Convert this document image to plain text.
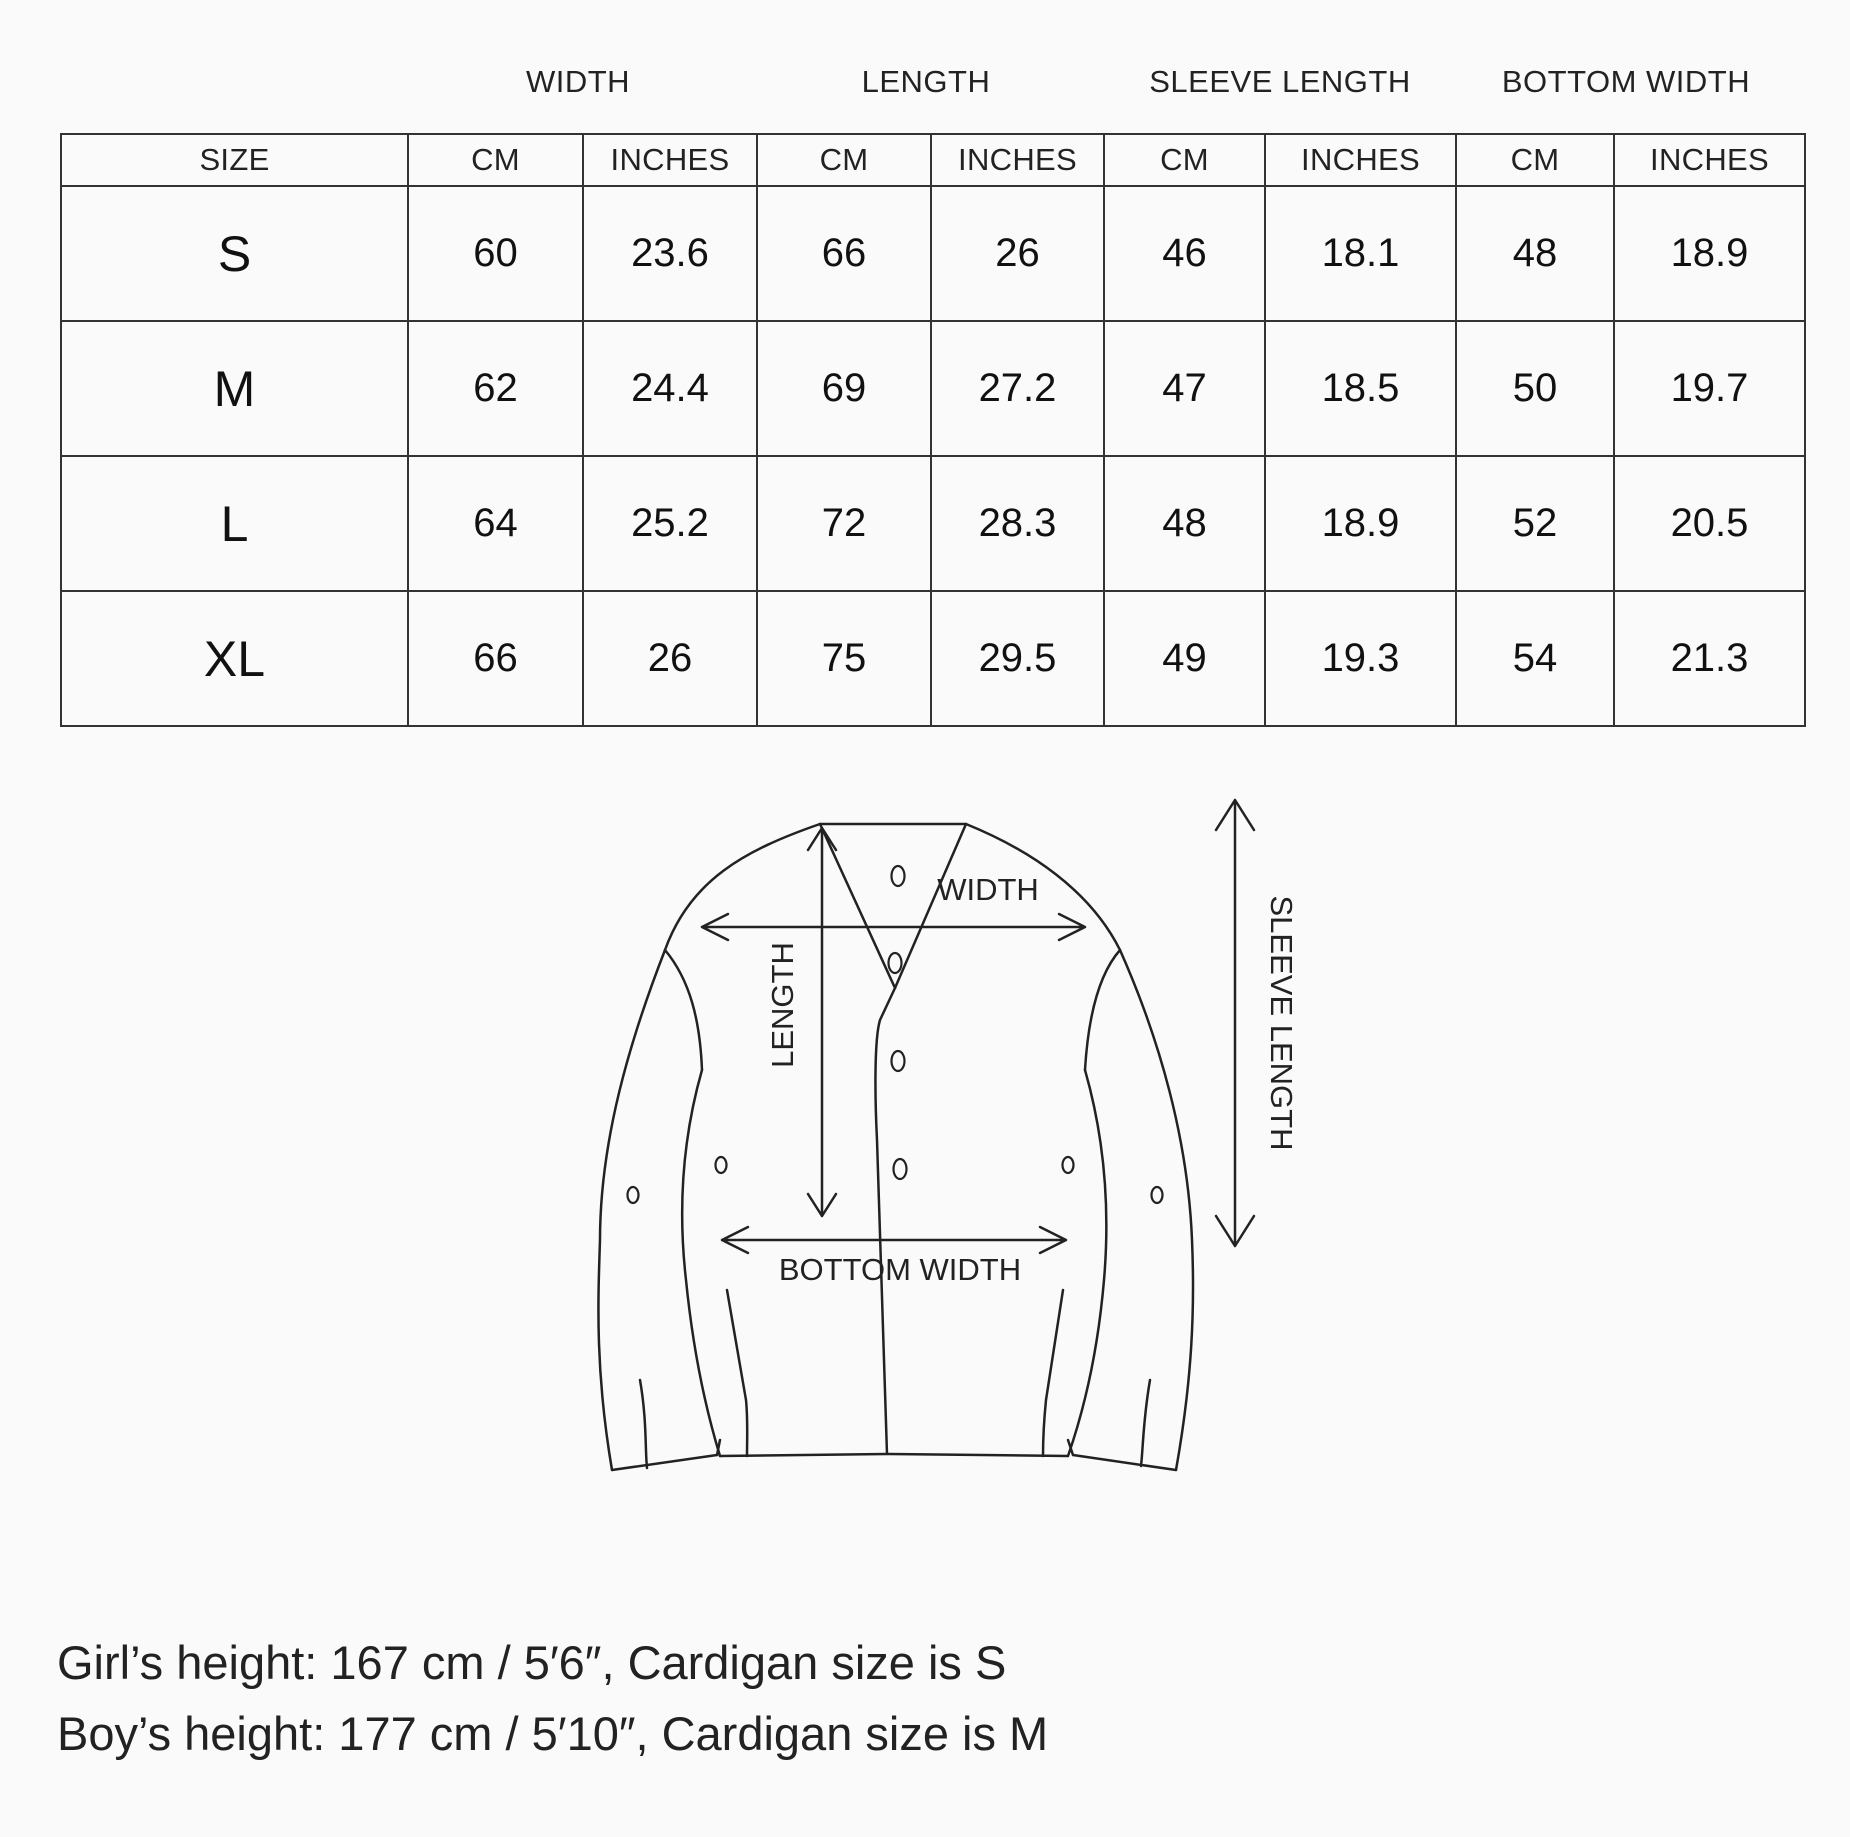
WIDTH	LENGTH	SLEEVE LENGTH	BOTTOM WIDTH
SIZE	CM	INCHES	CM	INCHES	CM	INCHES	CM	INCHES
S	60	23.6	66	26	46	18.1	48	18.9
M	62	24.4	69	27.2	47	18.5	50	19.7
L	64	25.2	72	28.3	48	18.9	52	20.5
XL	66	26	75	29.5	49	19.3	54	21.3
WIDTH
LENGTH
BOTTOM WIDTH
SLEEVE LENGTH
Girl’s height: 167 cm / 5′6″, Cardigan size is S
Boy’s height: 177 cm / 5′10″, Cardigan size is M
